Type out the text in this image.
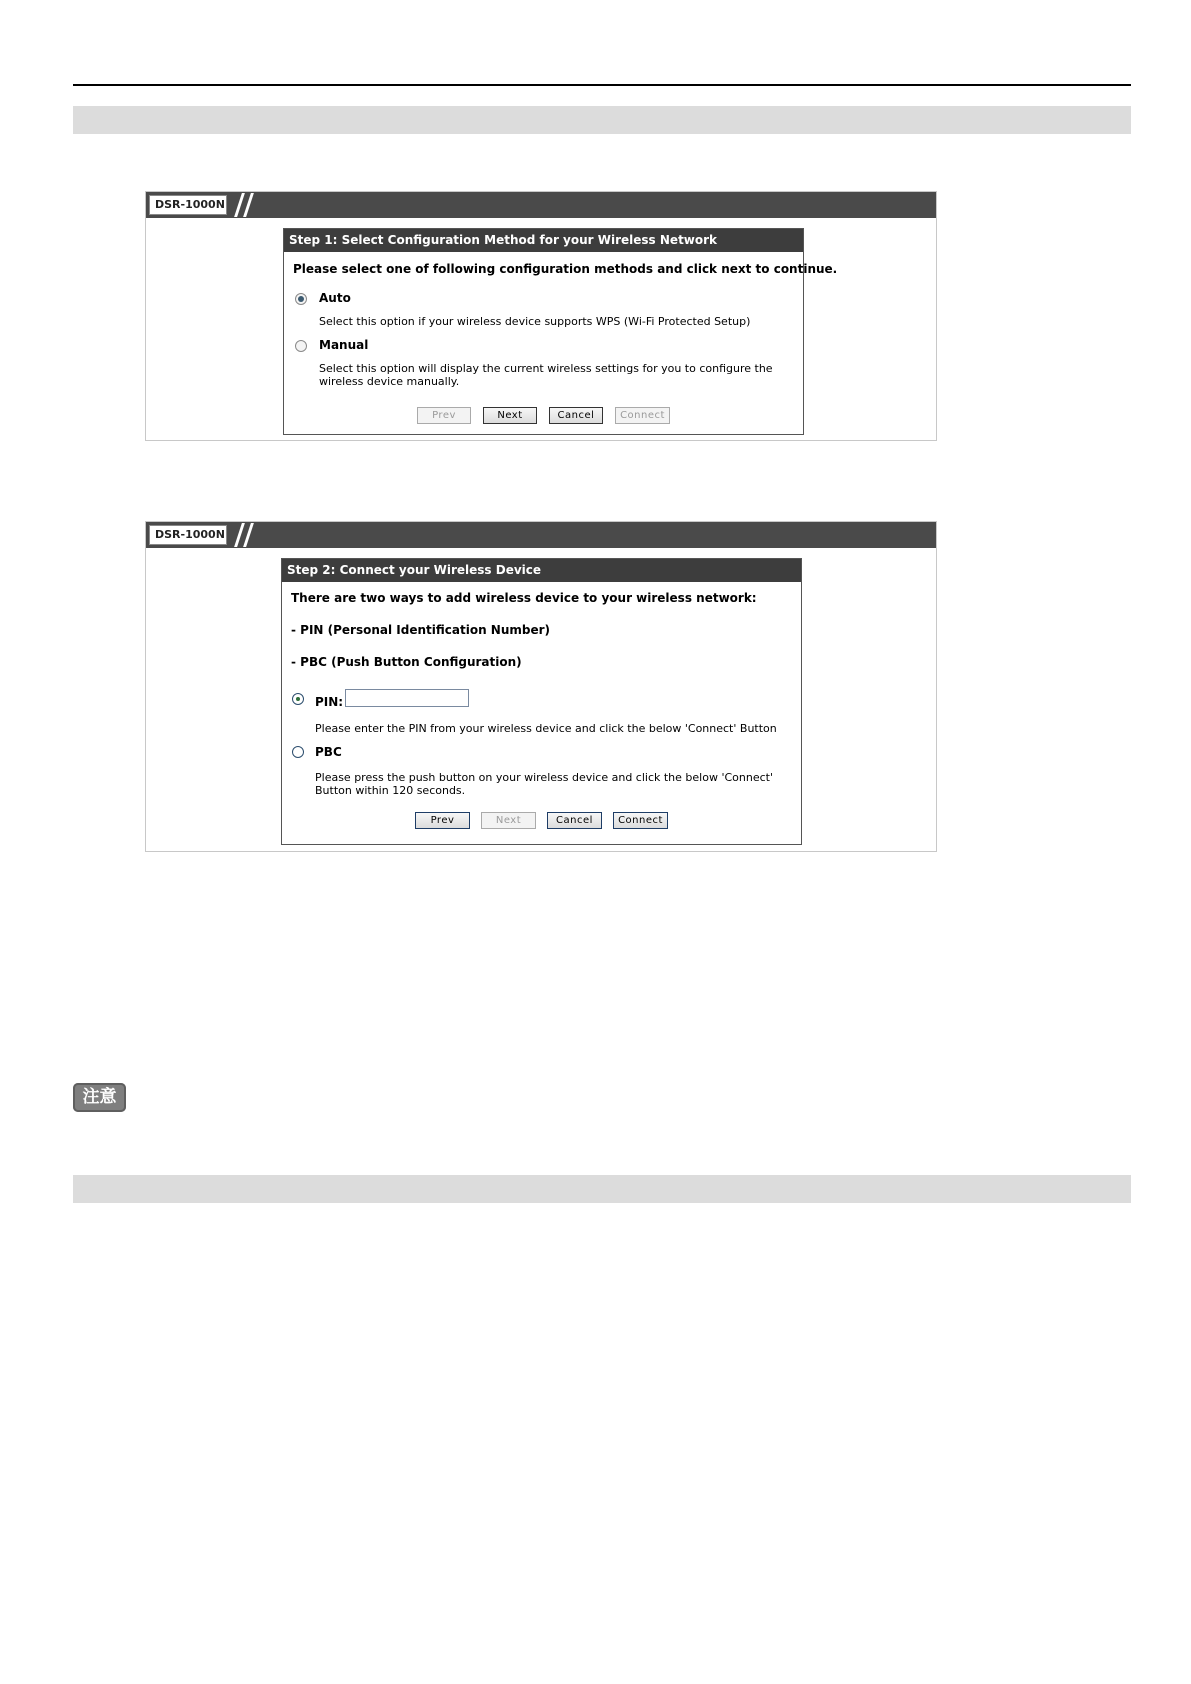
DSR-1000N
Step 1: Select Configuration Method for your Wireless Network
Please select one of following configuration methods and click next to continue.
Auto
Select this option if your wireless device supports WPS (Wi-Fi Protected Setup)
Manual
Select this option will display the current wireless settings for you to configure the wireless device manually.
Prev	Next	Cancel	Connect
DSR-1000N
Step 2: Connect your Wireless Device
There are two ways to add wireless device to your wireless network:
- PIN (Personal Identification Number)
- PBC (Push Button Configuration)
PIN:
Please enter the PIN from your wireless device and click the below 'Connect' Button
PBC
Please press the push button on your wireless device and click the below 'Connect' Button within 120 seconds.
Prev	Next	Cancel	Connect
注意
